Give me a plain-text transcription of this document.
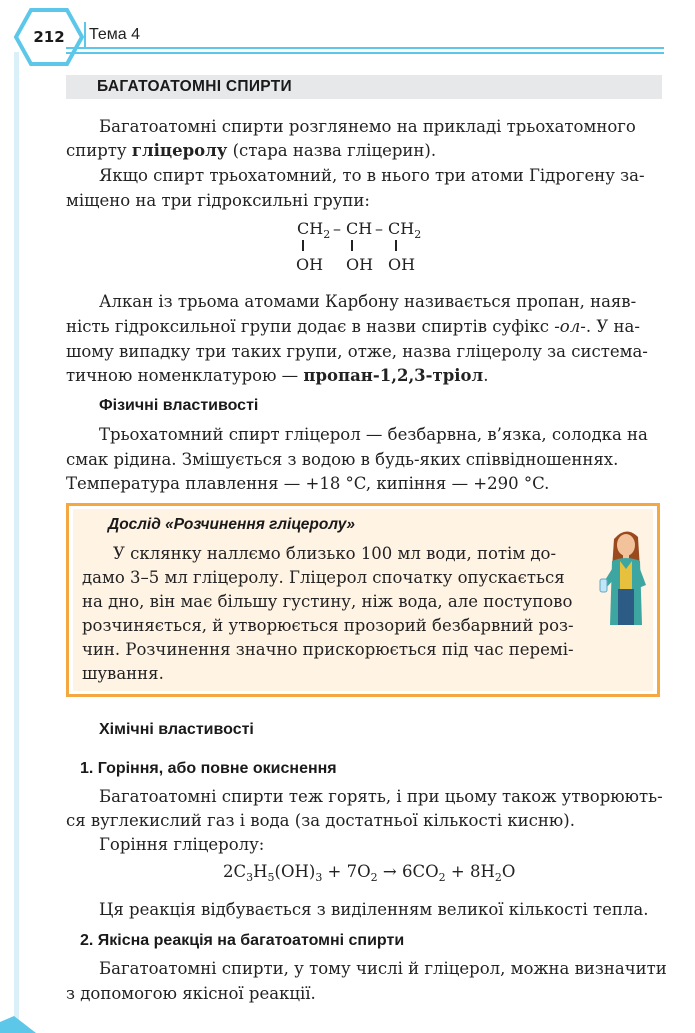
212	Тема 4
БАГАТОАТОМНІ СПИРТИ
Багатоатомні спирти розглянемо на прикладі трьохатомного
спирту гліцеролу (стара назва гліцерин).
Якщо спирт трьохатомний, то в нього три атоми Гідрогену за-
міщено на три гідроксильні групи:
$CH_2$ – CH – $CH_2$
OH OH OH
Алкан із трьома атомами Карбону називається пропан, наяв-
ність гідроксильної групи додає в назви спиртів суфікс -ол-. У на-
шому випадку три таких групи, отже, назва гліцеролу за система-
тичною номенклатурою — пропан-1,2,3-тріол.
Фізичні властивості
Трьохатомний спирт гліцерол — безбарвна, в’язка, солодка на
смак рідина. Змішується з водою в будь-яких співвідношеннях.
Температура плавлення — +18 °C, кипіння — +290 °C.
Дослід «Розчинення гліцеролу»
У склянку наллємо близько 100 мл води, потім до-
дамо 3–5 мл гліцеролу. Гліцерол спочатку опускається
на дно, він має більшу густину, ніж вода, але поступово
розчиняється, й утворюється прозорий безбарвний роз-
чин. Розчинення значно прискорюється під час перемі-
шування.
Хімічні властивості
1. Горіння, або повне окиснення
Багатоатомні спирти теж горять, і при цьому також утворюють-
ся вуглекислий газ і вода (за достатньої кількості кисню).
Горіння гліцеролу:
$2C_3H_5(OH)_3 + 7O_2 \to 6CO_2 + 8H_2O$
Ця реакція відбувається з виділенням великої кількості тепла.
2. Якісна реакція на багатоатомні спирти
Багатоатомні спирти, у тому числі й гліцерол, можна визначити
з допомогою якісної реакції.
